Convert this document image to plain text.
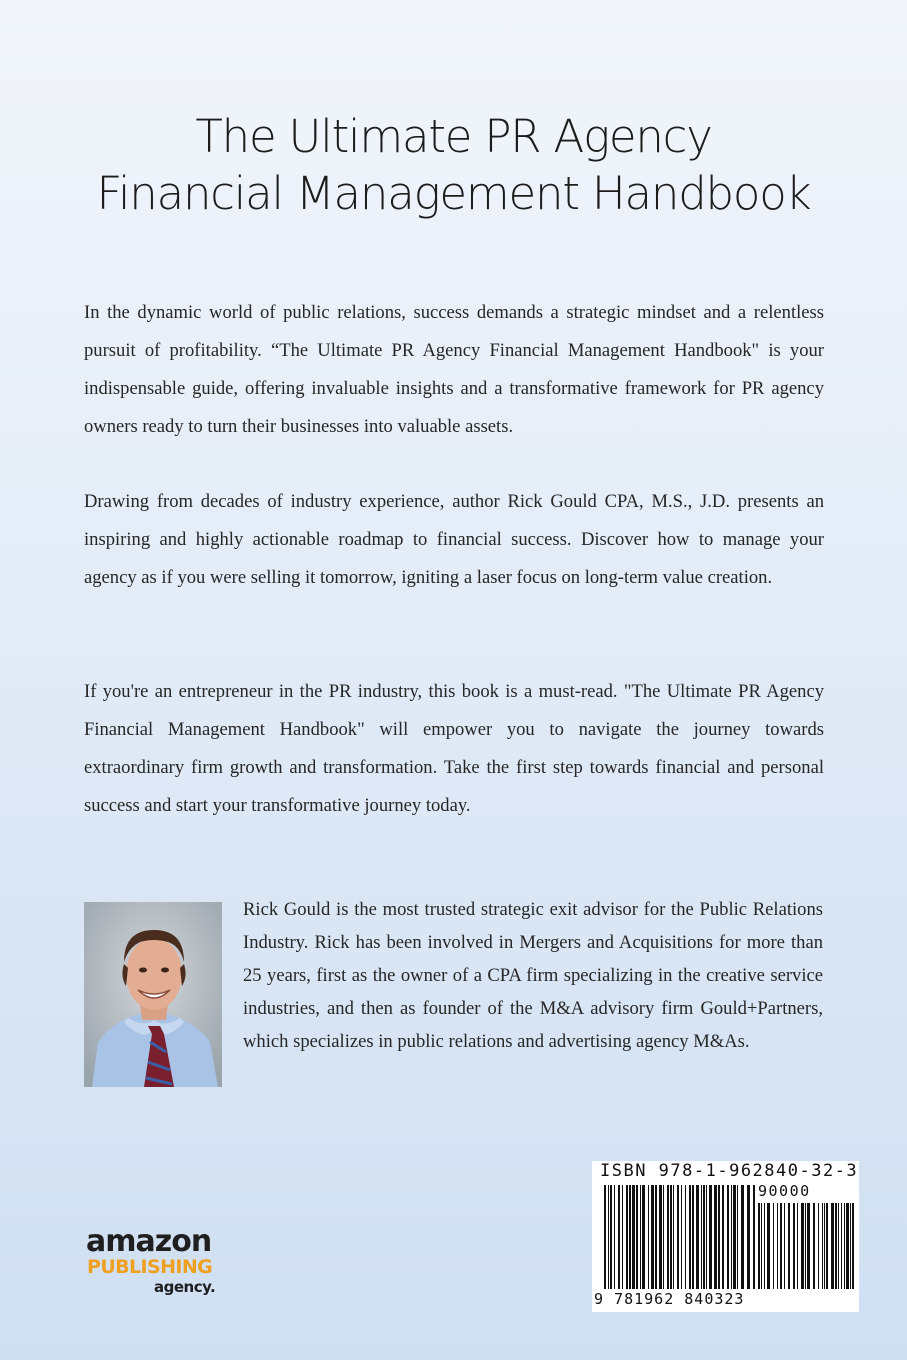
The Ultimate PR Agency
Financial Management Handbook
In the dynamic world of public relations, success demands a strategic mindset and a relentless pursuit of profitability. “The Ultimate PR Agency Financial Management Handbook" is your indispensable guide, offering invaluable insights and a transformative framework for PR agency owners ready to turn their businesses into valuable assets.
Drawing from decades of industry experience, author Rick Gould CPA, M.S., J.D. presents an inspiring and highly actionable roadmap to financial success. Discover how to manage your agency as if you were selling it tomorrow, igniting a laser focus on long-term value creation.
If you're an entrepreneur in the PR industry, this book is a must-read. "The Ultimate PR Agency Financial Management Handbook" will empower you to navigate the journey towards extraordinary firm growth and transformation. Take the first step towards financial and personal success and start your transformative journey today.
Rick Gould is the most trusted strategic exit advisor for the Public Relations Industry. Rick has been involved in Mergers and Acquisitions for more than 25 years, first as the owner of a CPA firm specializing in the creative service industries, and then as founder of the M&A advisory firm Gould+Partners, which specializes in public relations and advertising agency M&As.
amazon
PUBLISHING
agency.
ISBN 978-1-962840-32-3
90000
9 781962 840323
